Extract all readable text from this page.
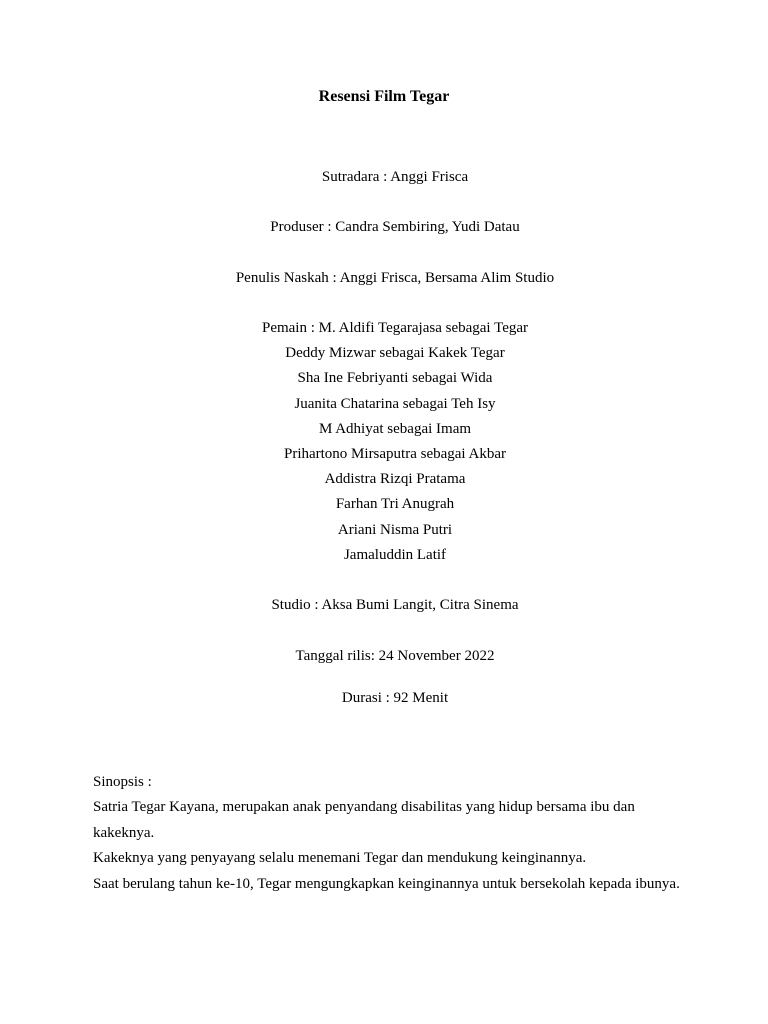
Resensi Film Tegar
Sutradara : Anggi Frisca
Produser : Candra Sembiring, Yudi Datau
Penulis Naskah : Anggi Frisca, Bersama Alim Studio
Pemain : M. Aldifi Tegarajasa sebagai Tegar
Deddy Mizwar sebagai Kakek Tegar
Sha Ine Febriyanti sebagai Wida
Juanita Chatarina sebagai Teh Isy
M Adhiyat sebagai Imam
Prihartono Mirsaputra sebagai Akbar
Addistra Rizqi Pratama
Farhan Tri Anugrah
Ariani Nisma Putri
Jamaluddin Latif
Studio : Aksa Bumi Langit, Citra Sinema
Tanggal rilis: 24 November 2022
Durasi : 92 Menit

Sinopsis :

Satria Tegar Kayana, merupakan anak penyandang disabilitas yang hidup bersama ibu dan kakeknya.

Kakeknya yang penyayang selalu menemani Tegar dan mendukung keinginannya.

Saat berulang tahun ke-10, Tegar mengungkapkan keinginannya untuk bersekolah kepada ibunya.
